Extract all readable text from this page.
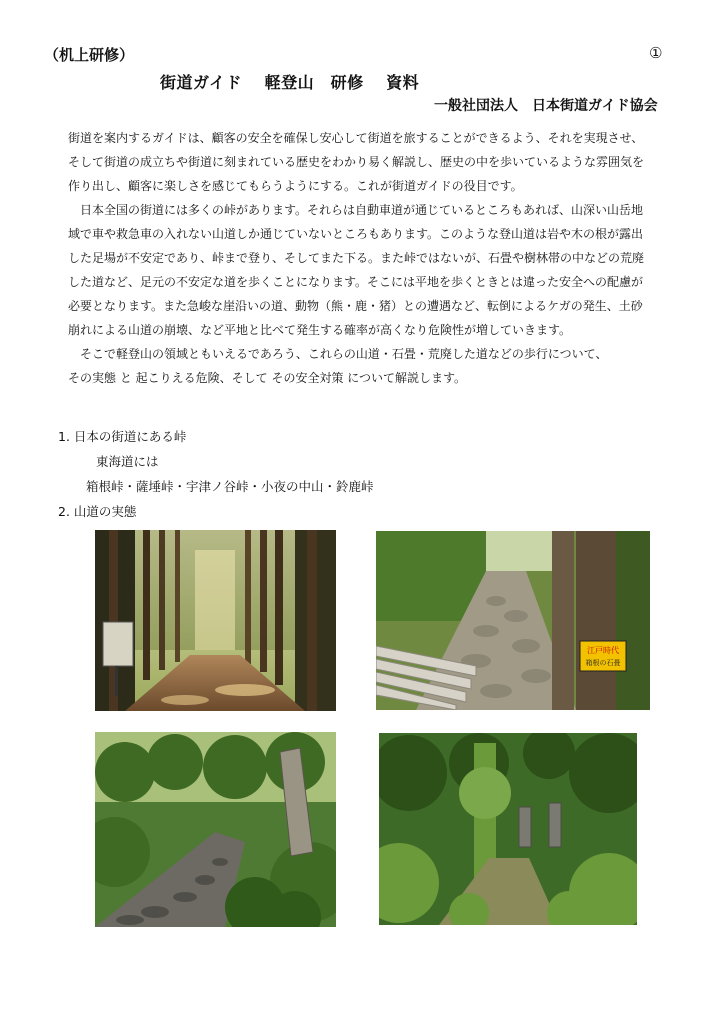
（机上研修）	①
街道ガイド　 軽登山　研修　 資料
一般社団法人　日本街道ガイド協会
街道を案内するガイドは、顧客の安全を確保し安心して街道を旅することができるよう、それを実現させ、
そして街道の成立ちや街道に刻まれている歴史をわかり易く解説し、歴史の中を歩いているような雰囲気を
作り出し、顧客に楽しさを感じてもらうようにする。これが街道ガイドの役目です。
　日本全国の街道には多くの峠があります。それらは自動車道が通じているところもあれば、山深い山岳地
域で車や救急車の入れない山道しか通じていないところもあります。このような登山道は岩や木の根が露出
した足場が不安定であり、峠まで登り、そしてまた下る。また峠ではないが、石畳や樹林帯の中などの荒廃
した道など、足元の不安定な道を歩くことになります。そこには平地を歩くときとは違った安全への配慮が
必要となります。また急峻な崖沿いの道、動物（熊・鹿・猪）との遭遇など、転倒によるケガの発生、土砂
崩れによる山道の崩壊、など平地と比べて発生する確率が高くなり危険性が増していきます。
　そこで軽登山の領域ともいえるであろう、これらの山道・石畳・荒廃した道などの歩行について、
その実態 と 起こりえる危険、そして その安全対策 について解説します。
1. 日本の街道にある峠
東海道には
箱根峠・薩埵峠・宇津ノ谷峠・小夜の中山・鈴鹿峠
2. 山道の実態
江戸時代
箱根の石畳
